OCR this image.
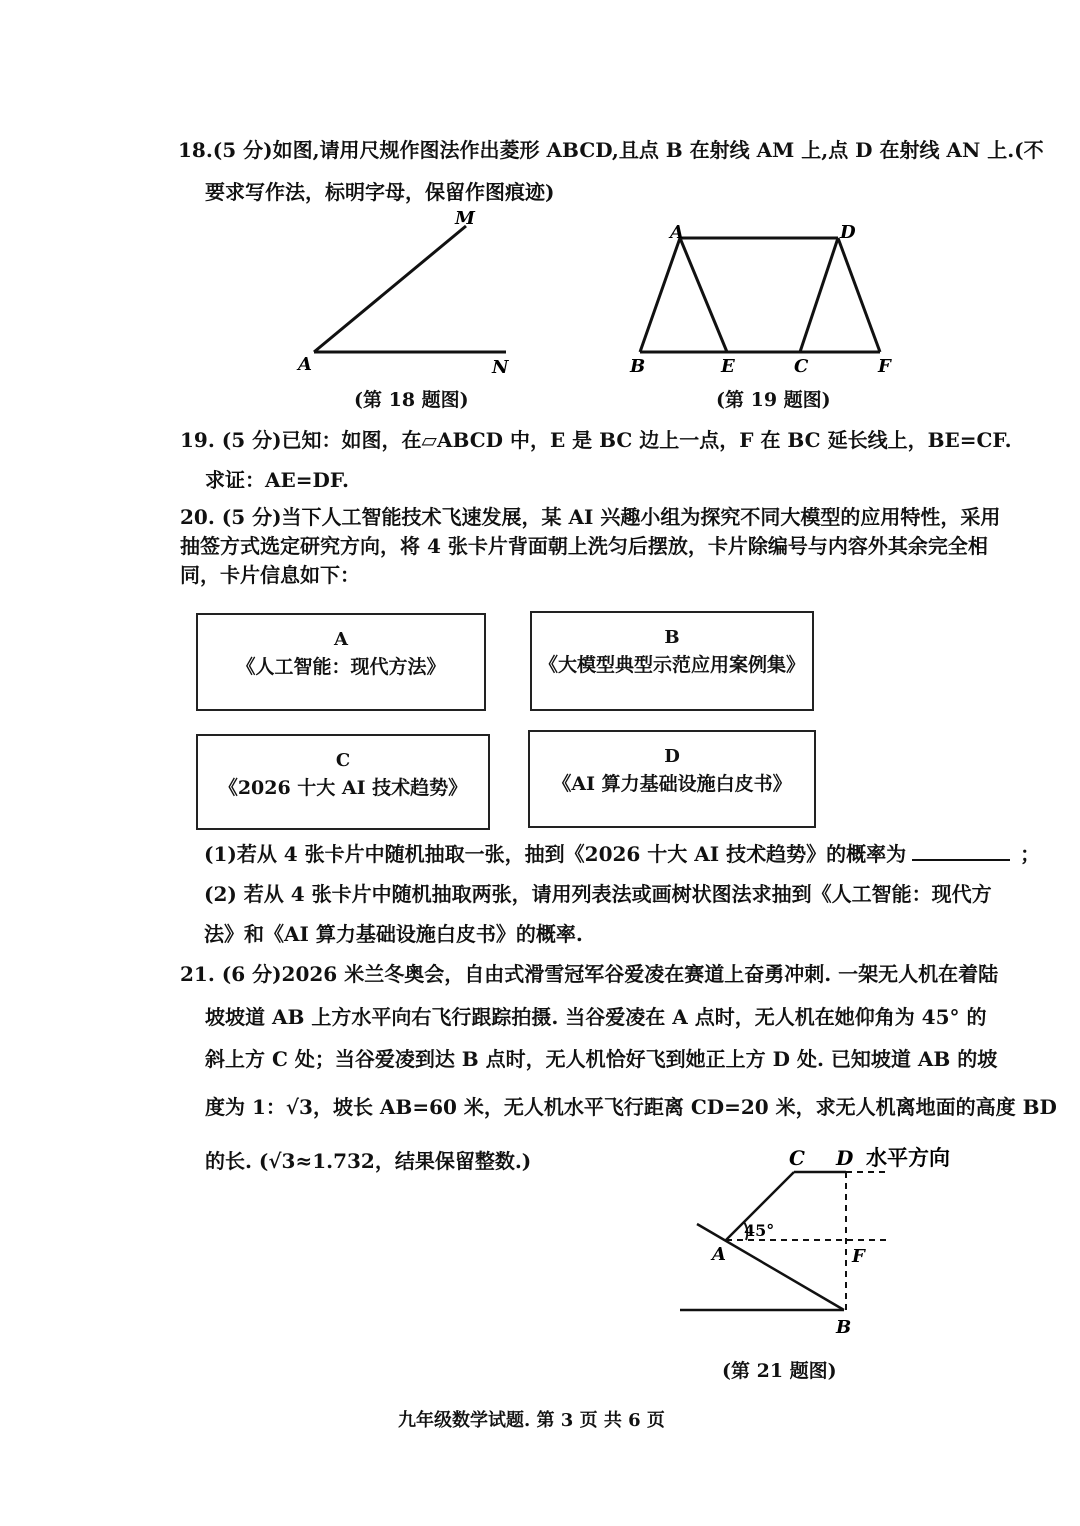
18.(5 分)如图,请用尺规作图法作出菱形 ABCD,且点 B 在射线 AM 上,点 D 在射线 AN 上.(不
要求写作法，标明字母，保留作图痕迹)
M
A	N
(第 18 题图)
A	D
B	E	C	F
(第 19 题图)
19. (5 分)已知：如图，在▱ABCD 中，E 是 BC 边上一点，F 在 BC 延长线上，BE=CF.
求证：AE=DF.
20. (5 分)当下人工智能技术飞速发展，某 AI 兴趣小组为探究不同大模型的应用特性，采用
抽签方式选定研究方向，将 4 张卡片背面朝上洗匀后摆放，卡片除编号与内容外其余完全相
同，卡片信息如下：
A
《人工智能：现代方法》
B
《大模型典型示范应用案例集》
C
《2026 十大 AI 技术趋势》
D
《AI 算力基础设施白皮书》
(1)若从 4 张卡片中随机抽取一张，抽到《2026 十大 AI 技术趋势》的概率为	；
(2) 若从 4 张卡片中随机抽取两张，请用列表法或画树状图法求抽到《人工智能：现代方
法》和《AI 算力基础设施白皮书》的概率.
21. (6 分)2026 米兰冬奥会，自由式滑雪冠军谷爱凌在赛道上奋勇冲刺. 一架无人机在着陆
坡坡道 AB 上方水平向右飞行跟踪拍摄. 当谷爱凌在 A 点时，无人机在她仰角为 45° 的
斜上方 C 处；当谷爱凌到达 B 点时，无人机恰好飞到她正上方 D 处. 已知坡道 AB 的坡
度为 1：√3，坡长 AB=60 米，无人机水平飞行距离 CD=20 米，求无人机离地面的高度 BD
的长. (√3≈1.732，结果保留整数.)	C D 水平方向
45°
A	F
B
(第 21 题图)
九年级数学试题. 第 3 页 共 6 页
